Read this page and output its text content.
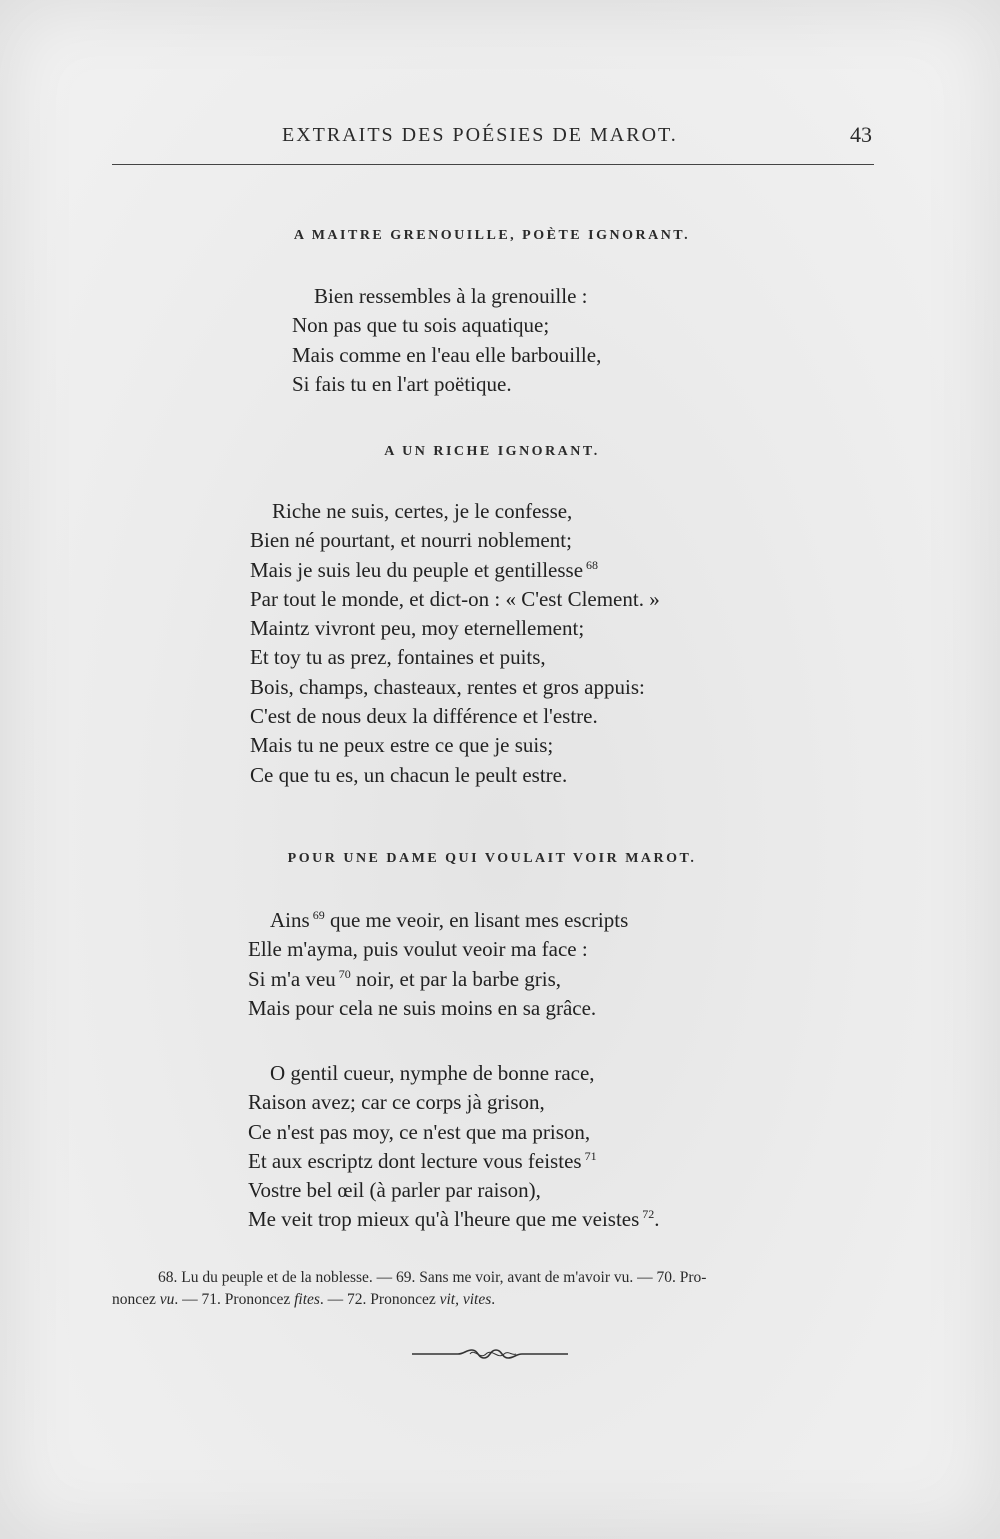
EXTRAITS DES POÉSIES DE MAROT.	43
A MAITRE GRENOUILLE, POÈTE IGNORANT.
Bien ressembles à la grenouille :
Non pas que tu sois aquatique;
Mais comme en l'eau elle barbouille,
Si fais tu en l'art poëtique.
A UN RICHE IGNORANT.
Riche ne suis, certes, je le confesse,
Bien né pourtant, et nourri noblement;
Mais je suis leu du peuple et gentillesse $^{68}$
Par tout le monde, et dict-on : « C'est Clement. »
Maintz vivront peu, moy eternellement;
Et toy tu as prez, fontaines et puits,
Bois, champs, chasteaux, rentes et gros appuis:
C'est de nous deux la différence et l'estre.
Mais tu ne peux estre ce que je suis;
Ce que tu es, un chacun le peult estre.
POUR UNE DAME QUI VOULAIT VOIR MAROT.
Ains $^{69}$ que me veoir, en lisant mes escripts
Elle m'ayma, puis voulut veoir ma face :
Si m'a veu $^{70}$ noir, et par la barbe gris,
Mais pour cela ne suis moins en sa grâce.
O gentil cueur, nymphe de bonne race,
Raison avez; car ce corps jà grison,
Ce n'est pas moy, ce n'est que ma prison,
Et aux escriptz dont lecture vous feistes $^{71}$
Vostre bel œil (à parler par raison),
Me veit trop mieux qu'à l'heure que me veistes $^{72}$.
68. Lu du peuple et de la noblesse. — 69. Sans me voir, avant de m'avoir vu. — 70. Pro-
noncez vu. — 71. Prononcez fites. — 72. Prononcez vit, vites.
